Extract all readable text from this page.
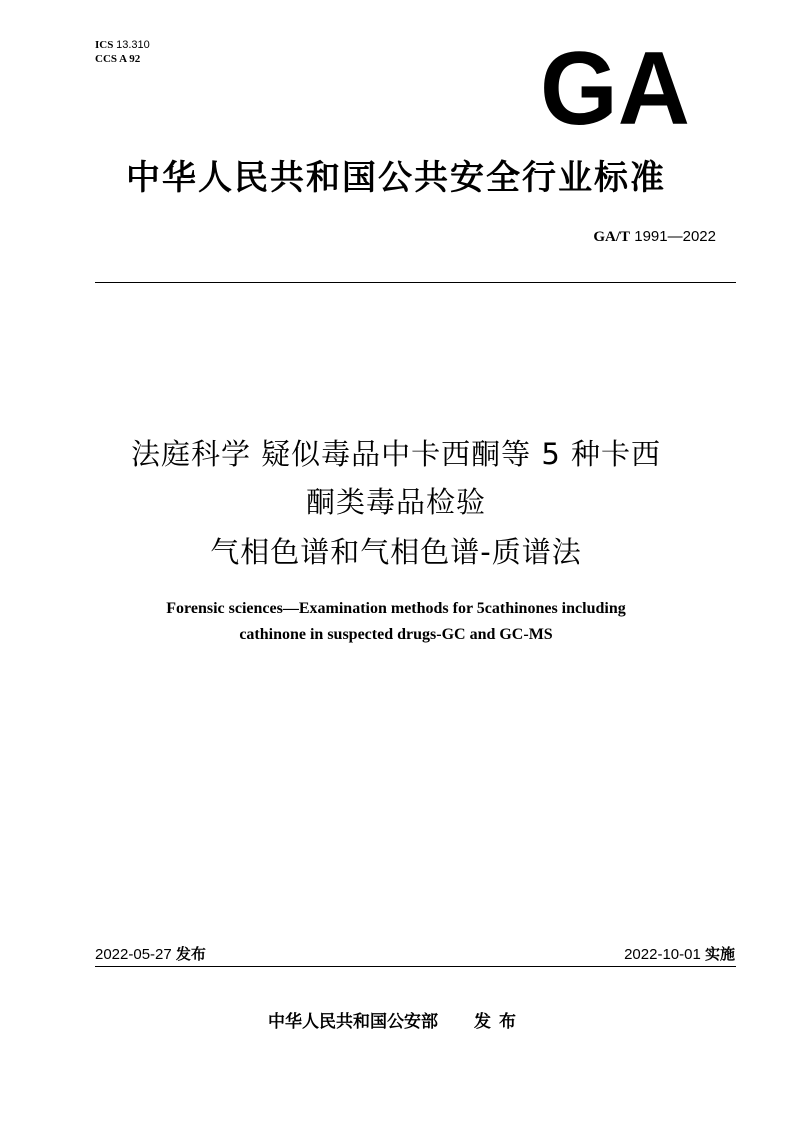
ICS 13.310
CCS A 92	GA
中华人民共和国公共安全行业标准
GA/T 1991—2022
法庭科学 疑似毒品中卡西酮等 5 种卡西
酮类毒品检验
气相色谱和气相色谱-质谱法
Forensic sciences—Examination methods for 5cathinones including
cathinone in suspected drugs-GC and GC-MS
2022-05-27 发布	2022-10-01 实施
中华人民共和国公安部 发布
